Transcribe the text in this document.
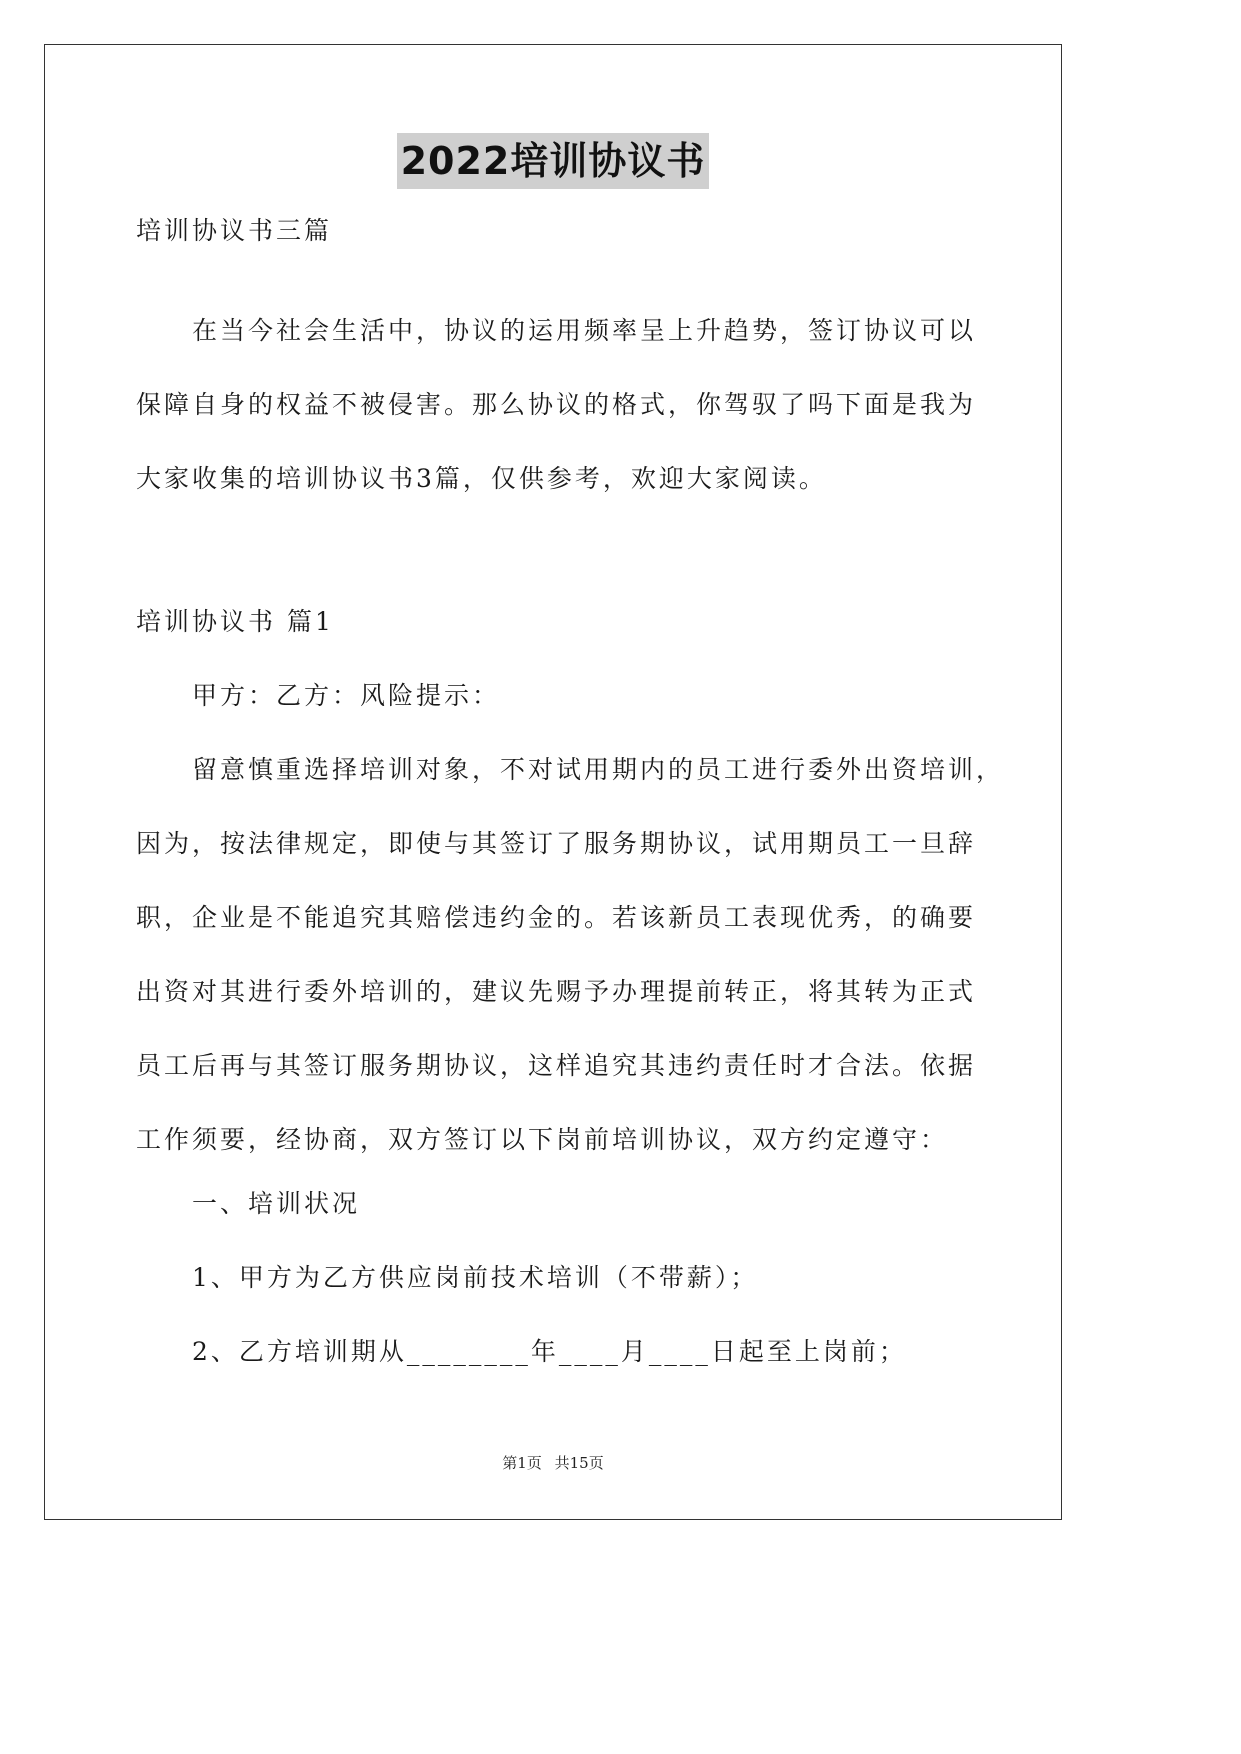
2022培训协议书
培训协议书三篇
在当今社会生活中，协议的运用频率呈上升趋势，签订协议可以
保障自身的权益不被侵害。那么协议的格式，你驾驭了吗下面是我为
大家收集的培训协议书3篇，仅供参考，欢迎大家阅读。
培训协议书 篇1
甲方：乙方：风险提示：
留意慎重选择培训对象，不对试用期内的员工进行委外出资培训，
因为，按法律规定，即使与其签订了服务期协议，试用期员工一旦辞
职，企业是不能追究其赔偿违约金的。若该新员工表现优秀，的确要
出资对其进行委外培训的，建议先赐予办理提前转正，将其转为正式
员工后再与其签订服务期协议，这样追究其违约责任时才合法。依据
工作须要，经协商，双方签订以下岗前培训协议，双方约定遵守：
一、培训状况
1、甲方为乙方供应岗前技术培训（不带薪）；
2、乙方培训期从________年____月____日起至上岗前；
第1页 共15页
